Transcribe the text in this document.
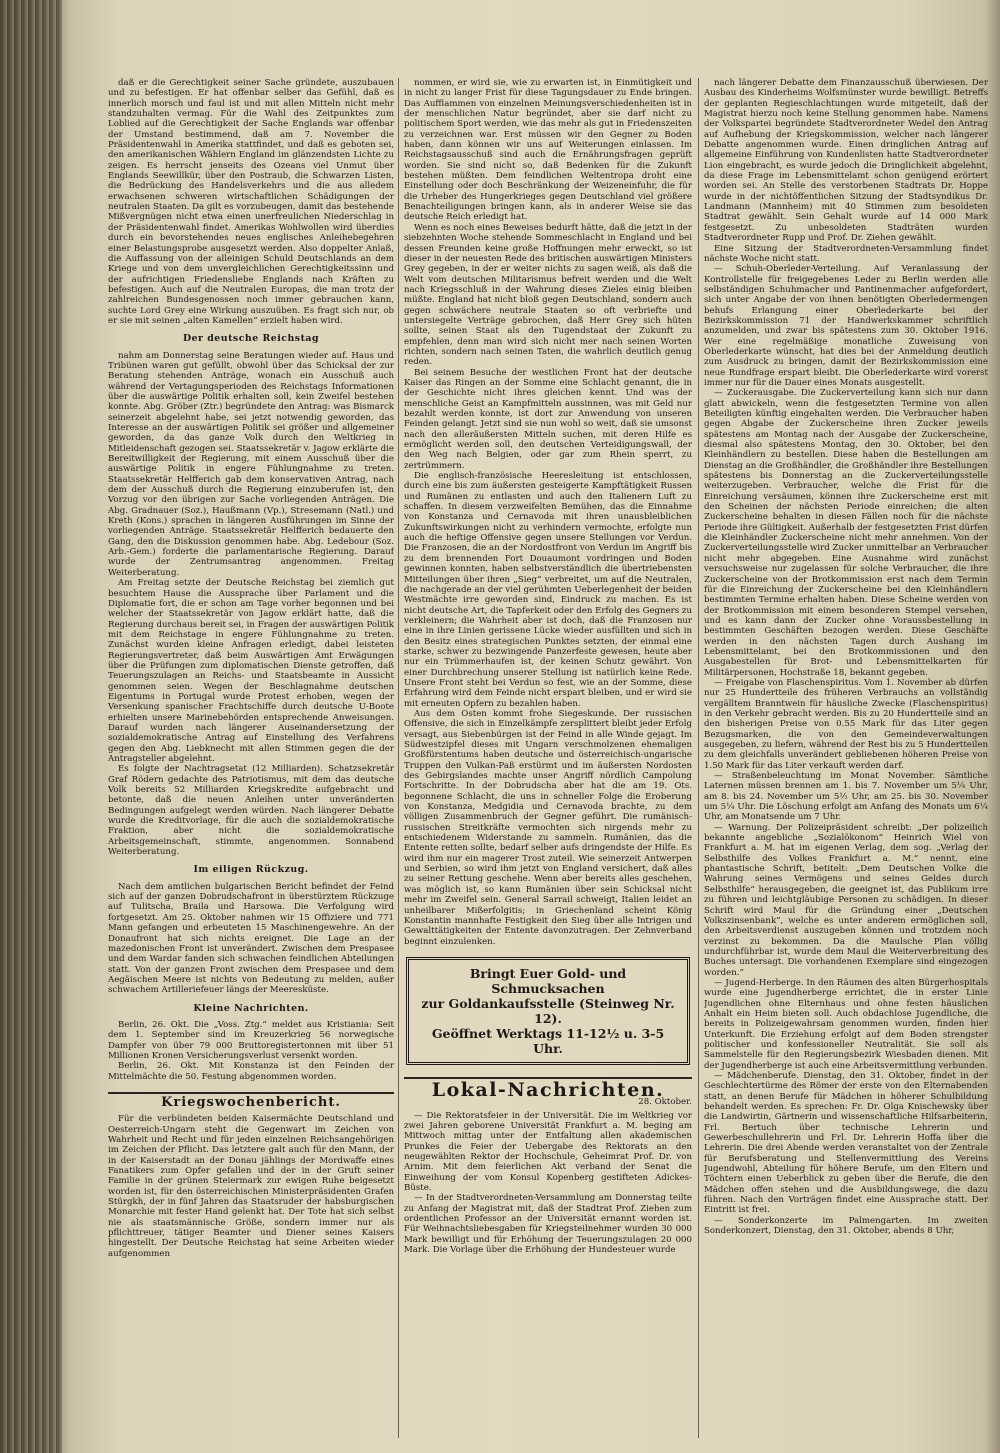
daß er die Gerechtigkeit seiner Sache gründete, auszubauen und zu befestigen. Er hat offenbar selber das Gefühl, daß es innerlich morsch und faul ist und mit allen Mitteln nicht mehr standzuhalten vermag. Für die Wahl des Zeitpunktes zum Loblied auf die Gerechtigkeit der Sache Englands war offenbar der Umstand bestimmend, daß am 7. November die Präsidentenwahl in Amerika stattfindet, und daß es geboten sei, den amerikanischen Wählern England im glänzendsten Lichte zu zeigen. Es herrscht jenseits des Ozeans viel Unmut über Englands Seewillkür, über den Postraub, die Schwarzen Listen, die Bedrückung des Handelsverkehrs und die aus alledem erwachsenen schweren wirtschaftlichen Schädigungen der neutralen Staaten. Da gilt es vorzubeugen, damit das bestehende Mißvergnügen nicht etwa einen unerfreulichen Niederschlag in der Präsidentenwahl findet. Amerikas Wohlwollen wird überdies durch ein bevorstehendes neues englisches Anleihebegehren einer Belastungsprobe ausgesetzt werden. Also doppelter Anlaß, die Auffassung von der alleinigen Schuld Deutschlands an dem Kriege und von dem unvergleichlichen Gerechtigkeitssinn und der aufrichtigen Friedensliebe Englands nach Kräften zu befestigen. Auch auf die Neutralen Europas, die man trotz der zahlreichen Bundesgenossen noch immer gebrauchen kann, suchte Lord Grey eine Wirkung auszuüben. Es fragt sich nur, ob er sie mit seinen „alten Kamellen“ erzielt haben wird.

Der deutsche Reichstag

nahm am Donnerstag seine Beratungen wieder auf. Haus und Tribünen waren gut gefüllt, obwohl über das Schicksal der zur Beratung stehenden Anträge, wonach ein Ausschuß auch während der Vertagungsperioden des Reichstags Informationen über die auswärtige Politik erhalten soll, kein Zweifel bestehen konnte. Abg. Gröber (Ztr.) begründete den Antrag: was Bismarck seinerzeit abgelehnt habe, sei jetzt notwendig geworden, das Interesse an der auswärtigen Politik sei größer und allgemeiner geworden, da das ganze Volk durch den Weltkrieg in Mitleidenschaft gezogen sei. Staatssekretär v. Jagow erklärte die Bereitwilligkeit der Regierung, mit einem Ausschuß über die auswärtige Politik in engere Fühlungnahme zu treten. Staatssekretär Helfferich gab dem konservativen Antrag, nach dem der Ausschuß durch die Regierung einzuberufen ist, den Vorzug vor den übrigen zur Sache vorliegenden Anträgen. Die Abg. Gradnauer (Soz.), Haußmann (Vp.), Stresemann (Natl.) und Kreth (Kons.) sprachen in längeren Ausführungen im Sinne der vorliegenden Anträge. Staatssekretär Helfferich bedauerte den Gang, den die Diskussion genommen habe. Abg. Ledebour (Soz. Arb.-Gem.) forderte die parlamentarische Regierung. Darauf wurde der Zentrumsantrag angenommen. Freitag Weiterberatung.

Am Freitag setzte der Deutsche Reichstag bei ziemlich gut besuchtem Hause die Aussprache über Parlament und die Diplomatie fort, die er schon am Tage vorher begonnen und bei welcher der Staatssekretär von Jagow erklärt hatte, daß die Regierung durchaus bereit sei, in Fragen der auswärtigen Politik mit dem Reichstage in engere Fühlungnahme zu treten. Zunächst wurden kleine Anfragen erledigt, dabei leisteten Regierungsvertreter, daß beim Auswärtigen Amt Erwägungen über die Prüfungen zum diplomatischen Dienste getroffen, daß Teuerungszulagen an Reichs- und Staatsbeamte in Aussicht genommen seien. Wegen der Beschlagnahme deutschen Eigentums in Portugal wurde Protest erhoben, wegen der Versenkung spanischer Frachtschiffe durch deutsche U-Boote erhielten unsere Marinebehörden entsprechende Anweisungen. Darauf wurden nach längerer Auseinandersetzung der sozialdemokratische Antrag auf Einstellung des Verfahrens gegen den Abg. Liebknecht mit allen Stimmen gegen die der Antragsteller abgelehnt.

Es folgte der Nachtragsetat (12 Milliarden). Schatzsekretär Graf Rödern gedachte des Patriotismus, mit dem das deutsche Volk bereits 52 Milliarden Kriegskredite aufgebracht und betonte, daß die neuen Anleihen unter unveränderten Bedingungen aufgelegt werden würden. Nach längerer Debatte wurde die Kreditvorlage, für die auch die sozialdemokratische Fraktion, aber nicht die sozialdemokratische Arbeitsgemeinschaft, stimmte, angenommen. Sonnabend Weiterberatung.

Im eiligen Rückzug.

Nach dem amtlichen bulgarischen Bericht befindet der Feind sich auf der ganzen Dobrudschafront in überstürztem Rückzuge auf Tulitscha, Braila und Harsowa. Die Verfolgung wird fortgesetzt. Am 25. Oktober nahmen wir 15 Offiziere und 771 Mann gefangen und erbeuteten 15 Maschinengewehre. An der Donaufront hat sich nichts ereignet. Die Lage an der mazedonischen Front ist unverändert. Zwischen dem Prespasee und dem Wardar fanden sich schwachen feindlichen Abteilungen statt. Von der ganzen Front zwischen dem Prespasee und dem Aegäischen Meere ist nichts von Bedeutung zu melden, außer schwachem Artilleriefeuer längs der Meeresküste.

Kleine Nachrichten.

Berlin, 26. Okt. Die „Voss. Ztg.“ meldet aus Kristiania: Seit dem 1. September sind im Kreuzerkrieg 56 norwegische Dampfer von über 79 000 Bruttoregistertonnen mit über 51 Millionen Kronen Versicherungsverlust versenkt worden.

Berlin, 26. Okt. Mit Konstanza ist den Feinden der Mittelmächte die 50. Festung abgenommen worden.

Kriegswochenbericht.

Für die verbündeten beiden Kaisermächte Deutschland und Oesterreich-Ungarn steht die Gegenwart im Zeichen von Wahrheit und Recht und für jeden einzelnen Reichsangehörigen im Zeichen der Pflicht. Das letztere galt auch für den Mann, der in der Kaiserstadt an der Donau jählings der Mordwaffe eines Fanatikers zum Opfer gefallen und der in der Gruft seiner Familie in der grünen Steiermark zur ewigen Ruhe beigesetzt worden ist, für den österreichischen Ministerpräsidenten Grafen Stürgkh, der in fünf Jahren das Staatsruder der habsburgischen Monarchie mit fester Hand gelenkt hat. Der Tote hat sich selbst nie als staatsmännische Größe, sondern immer nur als pflichttreuer, tätiger Beamter und Diener seines Kaisers hingestellt. Der Deutsche Reichstag hat seine Arbeiten wieder aufgenommen

nommen, er wird sie, wie zu erwarten ist, in Einmütigkeit und in nicht zu langer Frist für diese Tagungsdauer zu Ende bringen. Das Aufflammen von einzelnen Meinungsverschiedenheiten ist in der menschlichen Natur begründet, aber sie darf nicht zu politischem Sport werden, wie das mehr als gut in Friedenszeiten zu verzeichnen war. Erst müssen wir den Gegner zu Boden haben, dann können wir uns auf Weiterungen einlassen. Im Reichstagsausschuß sind auch die Ernährungsfragen geprüft worden. Sie sind nicht so, daß Bedenken für die Zukunft bestehen müßten. Dem feindlichen Weltentropa droht eine Einstellung oder doch Beschränkung der Weizeneinfuhr, die für die Urheber des Hungerkrieges gegen Deutschland viel größere Benachteiligungen bringen kann, als in anderer Weise sie das deutsche Reich erledigt hat.

Wenn es noch eines Beweises bedurft hätte, daß die jetzt in der siebzehnten Woche stehende Sommeschlacht in England und bei dessen Freunden keine große Hoffnungen mehr erweckt, so ist dieser in der neuesten Rede des britischen auswärtigen Ministers Grey gegeben, in der er weiter nichts zu sagen weiß, als daß die Welt vom deutschen Militarismus befreit werden und die Welt nach Kriegsschluß in der Wahrung dieses Zieles einig bleiben müßte. England hat nicht bloß gegen Deutschland, sondern auch gegen schwächere neutrale Staaten so oft verbriefte und untersiegelte Verträge gebrochen, daß Herr Grey sich hüten sollte, seinen Staat als den Tugendstaat der Zukunft zu empfehlen, denn man wird sich nicht mer nach seinen Worten richten, sondern nach seinen Taten, die wahrlich deutlich genug reden.

Bei seinem Besuche der westlichen Front hat der deutsche Kaiser das Ringen an der Somme eine Schlacht genannt, die in der Geschichte nicht ihres gleichen kennt. Und was der menschliche Geist an Kampfmitteln aussinnen, was mit Geld nur bezahlt werden konnte, ist dort zur Anwendung von unseren Feinden gelangt. Jetzt sind sie nun wohl so weit, daß sie umsonst nach den alleräußersten Mitteln suchen, mit deren Hilfe es ermöglicht werden soll, den deutschen Verteidigungswall, der den Weg nach Belgien, oder gar zum Rhein sperrt, zu zertrümmern.

Die englisch-französische Heeresleitung ist entschlossen, durch eine bis zum äußersten gesteigerte Kampftätigkeit Russen und Rumänen zu entlasten und auch den Italienern Luft zu schaffen. In diesem verzweifelten Bemühen, das die Einnahme von Konstanza und Cernavoda mit ihren unausbleiblichen Zukunftswirkungen nicht zu verhindern vermochte, erfolgte nun auch die heftige Offensive gegen unsere Stellungen vor Verdun. Die Franzosen, die an der Nordostfront von Verdun im Angriff bis zu dem brennenden Fort Douaumont vordringen und Boden gewinnen konnten, haben selbstverständlich die übertriebensten Mitteilungen über ihren „Sieg“ verbreitet, um auf die Neutralen, die nachgerade an der viel gerühmten Ueberlegenheit der beiden Westmächte irre geworden sind, Eindruck zu machen. Es ist nicht deutsche Art, die Tapferkeit oder den Erfolg des Gegners zu verkleinern; die Wahrheit aber ist doch, daß die Franzosen nur eine in ihre Linien gerissene Lücke wieder ausfüllten und sich in den Besitz eines strategischen Punktes setzten, der einmal eine starke, schwer zu bezwingende Panzerfeste gewesen, heute aber nur ein Trümmerhaufen ist, der keinen Schutz gewährt. Von einer Durchbrechung unserer Stellung ist natürlich keine Rede. Unsere Front steht bei Verdun so fest, wie an der Somme, diese Erfahrung wird dem Feinde nicht erspart bleiben, und er wird sie mit erneuten Opfern zu bezahlen haben.

Aus dem Osten kommt frohe Siegeskunde. Der russischen Offensive, die sich in Einzelkämpfe zersplittert bleibt jeder Erfolg versagt, aus Siebenbürgen ist der Feind in alle Winde gejagt. Im Südwestzipfel dieses mit Ungarn verschmolzenen ehemaligen Großfürstentums haben deutsche und österreichisch-ungarische Truppen den Vulkan-Paß erstürmt und im äußersten Nordosten des Gebirgslandes machte unser Angriff nördlich Campolung Fortschritte. In der Dobrudscha aber hat die am 19. Ots. begonnene Schlacht, die uns in schneller Folge die Eroberung von Konstanza, Medgidia und Cernavoda brachte, zu dem völligen Zusammenbruch der Gegner geführt. Die rumänisch-russischen Streitkräfte vermochten sich nirgends mehr zu entschiedenem Widerstande zu sammeln. Rumänien, das die Entente retten sollte, bedarf selber aufs dringendste der Hilfe. Es wird ihm nur ein magerer Trost zuteil. Wie seinerzeit Antwerpen und Serbien, so wird ihm jetzt von England versichert, daß alles zu seiner Rettung geschehe. Wenn aber bereits alles geschehen, was möglich ist, so kann Rumänien über sein Schicksal nicht mehr im Zweifel sein. General Sarrail schweigt, Italien leidet an unheilbarer Mißerfolgitis; in Griechenland scheint König Konstantin mannhafte Festigkeit den Sieg über alle Intrigen und Gewalttätigkeiten der Entente davonzutragen. Der Zehnverband beginnt einzulenken.

Bringt Euer Gold- und Schmucksachen

zur Goldankaufsstelle (Steinweg Nr. 12).

Geöffnet Werktags 11-12½ u. 3-5 Uhr.

Lokal-Nachrichten.

28. Oktober.

— Die Rektoratsfeier in der Universität. Die im Weltkrieg vor zwei Jahren geborene Universität Frankfurt a. M. beging am Mittwoch mittag unter der Entfaltung allen akademischen Prunkes die Feier der Uebergabe des Rektorats an den neugewählten Rektor der Hochschule, Geheimrat Prof. Dr. von Arnim. Mit dem feierlichen Akt verband der Senat die Einweihung der vom Konsul Kopenberg gestifteten Adickes-Büste.

— In der Stadtverordneten-Versammlung am Donnerstag teilte zu Anfang der Magistrat mit, daß der Stadtrat Prof. Ziehen zum ordentlichen Professor an der Universität ernannt worden ist. Für Weihnachtsliebesgaben für Kriegsteilnehmer wurden 30 000 Mark bewilligt und für Erhöhung der Teuerungszulagen 20 000 Mark. Die Vorlage über die Erhöhung der Hundesteuer wurde

nach längerer Debatte dem Finanzausschuß überwiesen. Der Ausbau des Kinderheims Wolfsmünster wurde bewilligt. Betreffs der geplanten Regieschlachtungen wurde mitgeteilt, daß der Magistrat hierzu noch keine Stellung genommen habe. Namens der Volkspartei begründete Stadtverordneter Wedel den Antrag auf Aufhebung der Kriegskommission, welcher nach längerer Debatte angenommen wurde. Einen dringlichen Antrag auf allgemeine Einführung von Kundenlisten hatte Stadtverordneter Lion eingebracht, es wurde jedoch die Dringlichkeit abgelehnt, da diese Frage im Lebensmittelamt schon genügend erörtert worden sei. An Stelle des verstorbenen Stadtrats Dr. Hoppe wurde in der nichtöffentlichen Sitzung der Stadtsyndikus Dr. Landmann (Mannheim) mit 40 Stimmen zum besoldeten Stadtrat gewählt. Sein Gehalt wurde auf 14 000 Mark festgesetzt. Zu unbesoldeten Stadträten wurden Stadtverordneter Rupp und Prof. Dr. Ziehen gewählt.

Eine Sitzung der Stadtverordneten-Versammlung findet nächste Woche nicht statt.

— Schuh-Oberleder-Verteilung. Auf Veranlassung der Kontrollstelle für freigegebenes Leder zu Berlin werden alle selbständigen Schuhmacher und Pantinenmacher aufgefordert, sich unter Angabe der von ihnen benötigten Oberledermengen behufs Erlangung einer Oberlederkarte bei der Bezirkskommission 71 der Handwerkskammer schriftlich anzumelden, und zwar bis spätestens zum 30. Oktober 1916. Wer eine regelmäßige monatliche Zuweisung von Oberlederkarte wünscht, hat dies bei der Anmeldung deutlich zum Ausdruck zu bringen, damit der Bezirkskommission eine neue Rundfrage erspart bleibt. Die Oberlederkarte wird vorerst immer nur für die Dauer eines Monats ausgestellt.

— Zuckerausgabe. Die Zuckerverteilung kann sich nur dann glatt abwickeln, wenn die festgesetzten Termine von allen Beteiligten künftig eingehalten werden. Die Verbraucher haben gegen Abgabe der Zuckerscheine ihren Zucker jeweils spätestens am Montag nach der Ausgabe der Zuckerscheine, diesmal also spätestens Montag, den 30. Oktober, bei den Kleinhändlern zu bestellen. Diese haben die Bestellungen am Dienstag an die Großhändler, die Großhändler ihre Bestellungen spätestens bis Donnerstag an die Zuckerverteilungsstelle weiterzugeben. Verbraucher, welche die Frist für die Einreichung versäumen, können ihre Zuckerscheine erst mit den Scheinen der nächsten Periode einreichen; die alten Zuckerscheine behalten in diesen Fällen noch für die nächste Periode ihre Gültigkeit. Außerhalb der festgesetzten Frist dürfen die Kleinhändler Zuckerscheine nicht mehr annehmen. Von der Zuckerverteilungsstelle wird Zucker unmittelbar an Verbraucher nicht mehr abgegeben. Eine Ausnahme wird zunächst versuchsweise nur zugelassen für solche Verbraucher, die ihre Zuckerscheine von der Brotkommission erst nach dem Termin für die Einreichung der Zuckerscheine bei den Kleinhändlern bestimmten Termine erhalten haben. Diese Scheine werden von der Brotkommission mit einem besonderen Stempel versehen, und es kann dann der Zucker ohne Voraussbestellung in bestimmten Geschäften bezogen werden. Diese Geschäfte werden in den nächsten Tagen durch Aushang im Lebensmittelamt, bei den Brotkommissionen und den Ausgabestellen für Brot- und Lebensmittelkarten für Militärpersonen, Hochstraße 18, bekannt gegeben.

— Freigabe von Flaschenspiritus. Vom 1. November ab dürfen nur 25 Hundertteile des früheren Verbrauchs an vollständig vergälltem Branntwein für häusliche Zwecke (Flaschenspiritus) in den Verkehr gebracht werden. Bis zu 20 Hundertteile sind an den bisherigen Preise von 0.55 Mark für das Liter gegen Bezugsmarken, die von den Gemeindeverwaltungen ausgegeben, zu liefern, während der Rest bis zu 5 Hundertteilen zu dem gleichfalls unverändert gebliebenen höheren Preise von 1.50 Mark für das Liter verkauft werden darf.

— Straßenbeleuchtung im Monat November. Sämtliche Laternen müssen brennen am 1. bis 7. November um 5¼ Uhr, am 8. bis 24. November um 5½ Uhr, am 25. bis 30. November um 5¼ Uhr. Die Löschung erfolgt am Anfang des Monats um 6¼ Uhr, am Monatsende um 7 Uhr.

— Warnung. Der Polizeipräsident schreibt: „Der polizeilich bekannte angebliche „Sozialökonom“ Heinrich Wiel von Frankfurt a. M. hat im eigenen Verlag, dem sog. „Verlag der Selbsthilfe des Volkes Frankfurt a. M.“ nennt, eine phantastische Schrift, betitelt: „Dem Deutschen Volke die Wahrung seines Vermögens und seines Geldes durch Selbsthilfe“ herausgegeben, die geeignet ist, das Publikum irre zu führen und leichtgläubige Personen zu schädigen. In dieser Schrift wird Maul für die Gründung einer „Deutschen Volkszinsenbank“, welche es unter anderem ermöglichen soll, den Arbeitsverdienst auszugeben können und trotzdem noch verzinst zu bekommen. Da die Maulsche Plan völlig undurchführbar ist, wurde dem Maul die Weiterverbreitung des Buches untersagt. Die vorhandenen Exemplare sind eingezogen worden.“

— Jugend-Herberge. In den Räumen des alten Bürgerhospitals wurde eine Jugendherberge errichtet, die in erster Linie Jugendlichen ohne Elternhaus und ohne festen häuslichen Anhalt ein Heim bieten soll. Auch obdachlose Jugendliche, die bereits in Polizeigewahrsam genommen wurden, finden hier Unterkunft. Die Erziehung erfolgt auf dem Boden strengster politischer und konfessioneller Neutralität. Sie soll als Sammelstelle für den Regierungsbezirk Wiesbaden dienen. Mit der Jugendherberge ist auch eine Arbeitsvermittlung verbunden.

— Mädchenberufe. Dienstag, den 31. Oktober, findet in der Geschlechtertürme des Römer der erste von den Elternabenden statt, an denen Berufe für Mädchen in höherer Schulbildung behandelt werden. Es sprechen: Fr. Dr. Olga Knischewsky über die Landwirtin, Gärtnerin und wissenschaftliche Hilfsarbeiterin, Frl. Bertuch über technische Lehrerin und Gewerbeschullehrerin und Frl. Dr. Lehrerin Hoffa über die Lehrerin. Die drei Abende werden veranstaltet von der Zentrale für Berufsberatung und Stellenvermittlung des Vereins Jugendwohl, Abteilung für höhere Berufe, um den Eltern und Töchtern einen Ueberblick zu geben über die Berufe, die den Mädchen offen stehen und die Ausbildungswege, die dazu führen. Nach den Vorträgen findet eine Aussprache statt. Der Eintritt ist frei.

— Sonderkonzerte im Palmengarten. Im zweiten Sonderkonzert, Dienstag, den 31. Oktober, abends 8 Uhr,
